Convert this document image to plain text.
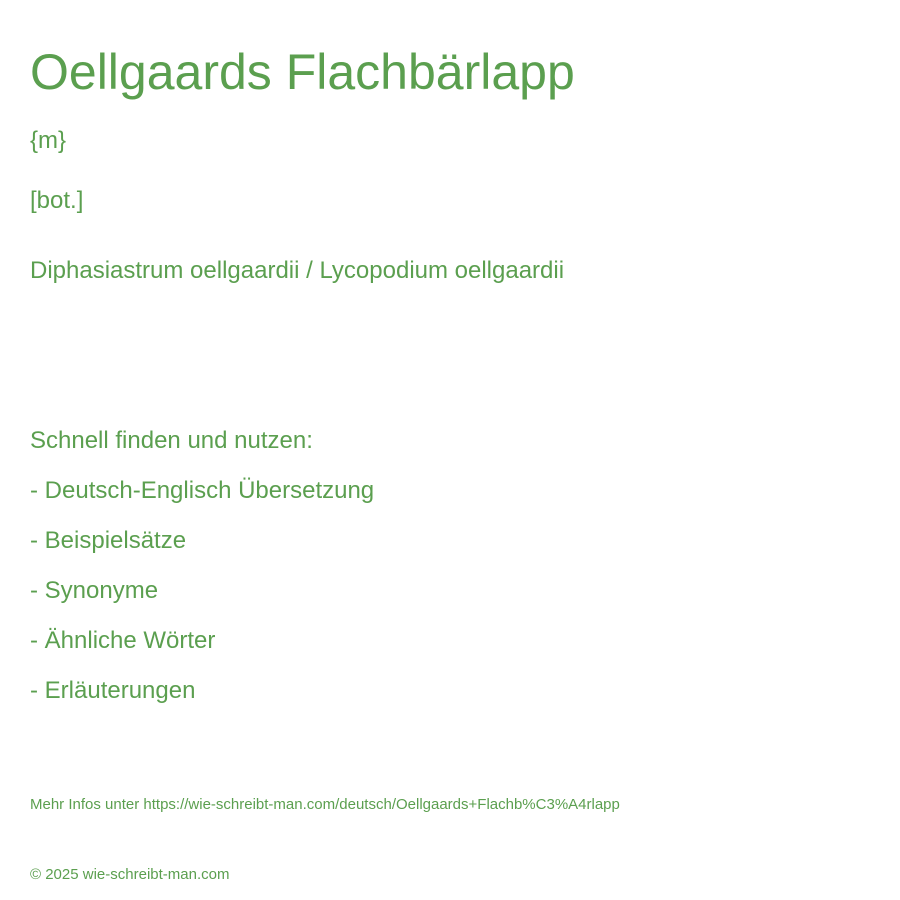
Oellgaards Flachbärlapp
{m}
[bot.]
Diphasiastrum oellgaardii / Lycopodium oellgaardii
Schnell finden und nutzen:
- Deutsch-Englisch Übersetzung
- Beispielsätze
- Synonyme
- Ähnliche Wörter
- Erläuterungen
Mehr Infos unter https://wie-schreibt-man.com/deutsch/Oellgaards+Flachb%C3%A4rlapp
© 2025 wie-schreibt-man.com
